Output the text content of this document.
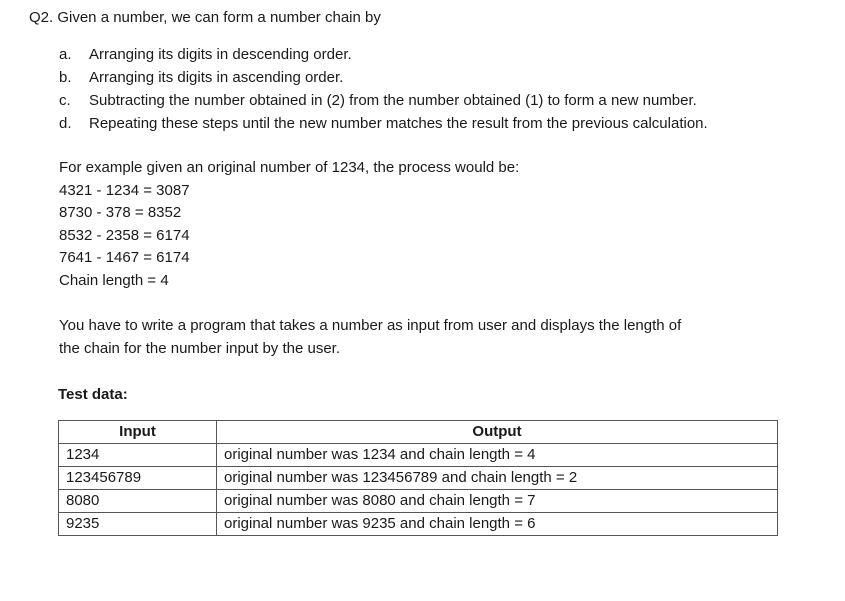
Q2. Given a number, we can form a number chain by
a. Arranging its digits in descending order.
b. Arranging its digits in ascending order.
c. Subtracting the number obtained in (2) from the number obtained (1) to form a new number.
d. Repeating these steps until the new number matches the result from the previous calculation.
For example given an original number of 1234, the process would be:
4321 - 1234 = 3087
8730 - 378 = 8352
8532 - 2358 = 6174
7641 - 1467 = 6174
Chain length = 4
You have to write a program that takes a number as input from user and displays the length of
the chain for the number input by the user.
Test data:
Input	Output
1234	original number was 1234 and chain length = 4
123456789	original number was 123456789 and chain length = 2
8080	original number was 8080 and chain length = 7
9235	original number was 9235 and chain length = 6
